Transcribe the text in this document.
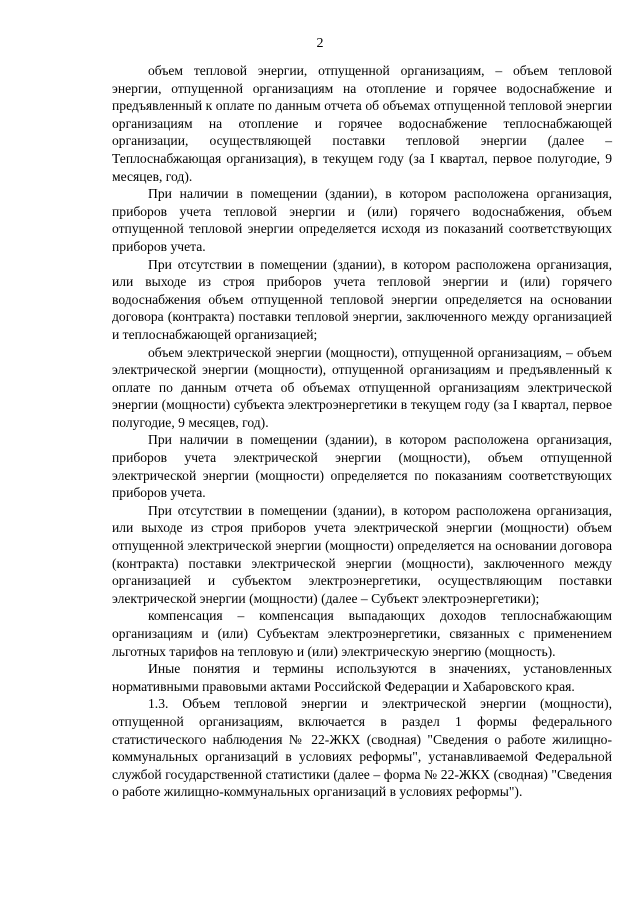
2

объем тепловой энергии, отпущенной организациям, – объем тепловой энергии, отпущенной организациям на отопление и горячее водоснабжение и предъявленный к оплате по данным отчета об объемах отпущенной тепловой энергии организациям на отопление и горячее водоснабжение теплоснабжающей организации, осуществляющей поставки тепловой энергии (далее – Теплоснабжающая организация), в текущем году (за I квартал, первое полугодие, 9 месяцев, год).

При наличии в помещении (здании), в котором расположена организация, приборов учета тепловой энергии и (или) горячего водоснабжения, объем отпущенной тепловой энергии определяется исходя из показаний соответствующих приборов учета.

При отсутствии в помещении (здании), в котором расположена организация, или выходе из строя приборов учета тепловой энергии и (или) горячего водоснабжения объем отпущенной тепловой энергии определяется на основании договора (контракта) поставки тепловой энергии, заключенного между организацией и теплоснабжающей организацией;

объем электрической энергии (мощности), отпущенной организациям, – объем электрической энергии (мощности), отпущенной организациям и предъявленный к оплате по данным отчета об объемах отпущенной организациям электрической энергии (мощности) субъекта электроэнергетики в текущем году (за I квартал, первое полугодие, 9 месяцев, год).

При наличии в помещении (здании), в котором расположена организация, приборов учета электрической энергии (мощности), объем отпущенной электрической энергии (мощности) определяется по показаниям соответствующих приборов учета.

При отсутствии в помещении (здании), в котором расположена организация, или выходе из строя приборов учета электрической энергии (мощности) объем отпущенной электрической энергии (мощности) определяется на основании договора (контракта) поставки электрической энергии (мощности), заключенного между организацией и субъектом электроэнергетики, осуществляющим поставки электрической энергии (мощности) (далее – Субъект электроэнергетики);

компенсация – компенсация выпадающих доходов теплоснабжающим организациям и (или) Субъектам электроэнергетики, связанных с применением льготных тарифов на тепловую и (или) электрическую энергию (мощность).

Иные понятия и термины используются в значениях, установленных нормативными правовыми актами Российской Федерации и Хабаровского края.

1.3. Объем тепловой энергии и электрической энергии (мощности), отпущенной организациям, включается в раздел 1 формы федерального статистического наблюдения № 22-ЖКХ (сводная) "Сведения о работе жилищно-коммунальных организаций в условиях реформы", устанавливаемой Федеральной службой государственной статистики (далее – форма № 22-ЖКХ (сводная) "Сведения о работе жилищно-коммунальных организаций в условиях реформы").
